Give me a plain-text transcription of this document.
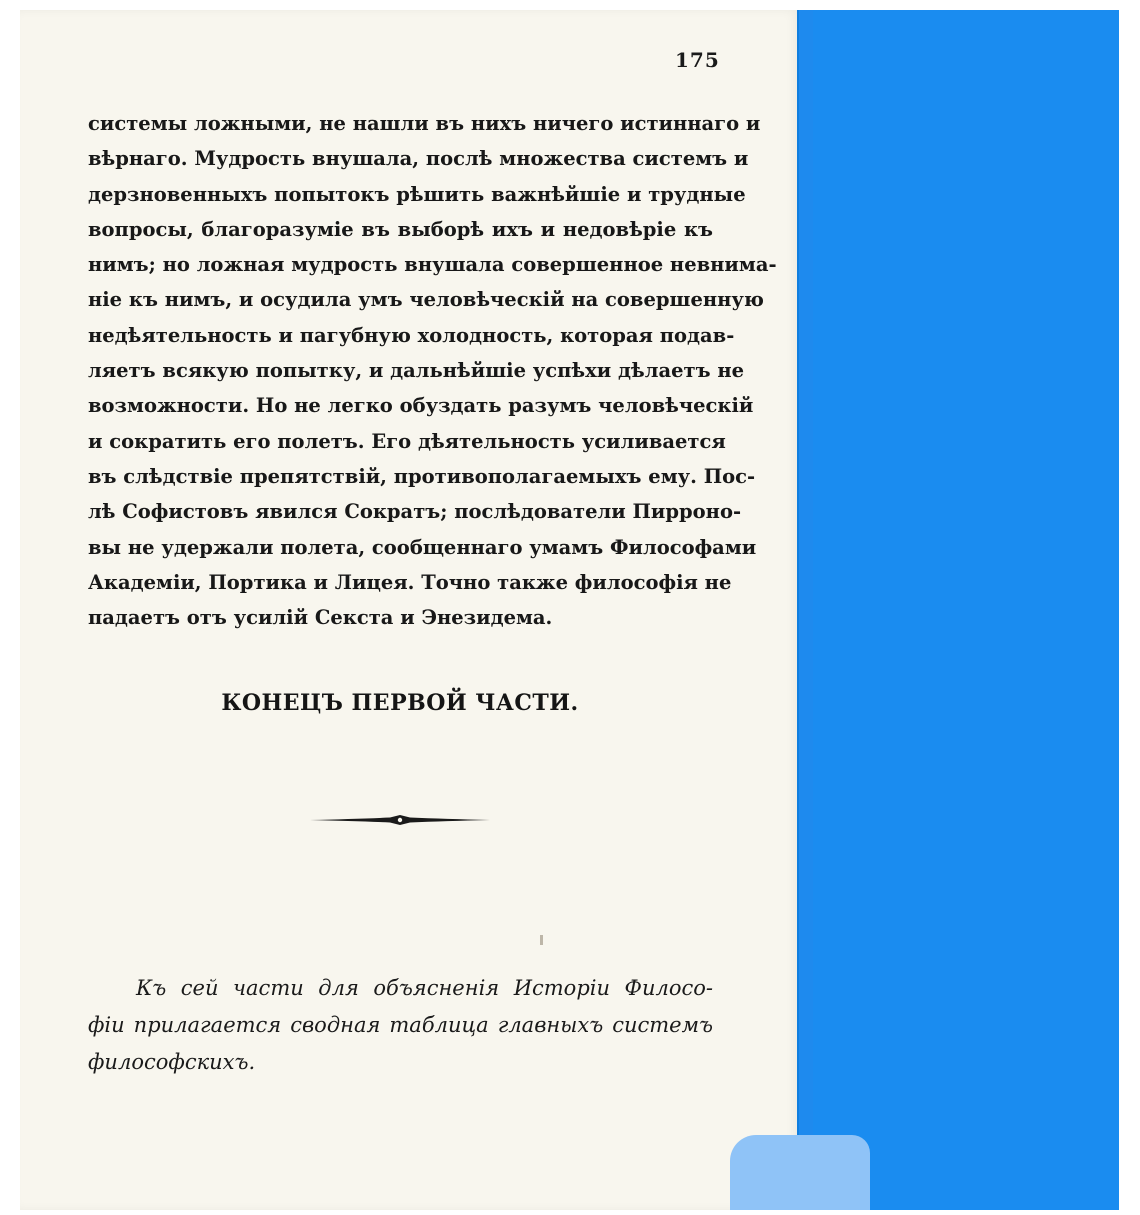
175
системы ложными, не нашли въ нихъ ничего истиннаго и
вѣрнаго. Мудрость внушала, послѣ множества системъ и
дерзновенныхъ попытокъ рѣшить важнѣйшіе и трудные
вопросы, благоразуміе въ выборѣ ихъ и недовѣріе къ
нимъ; но ложная мудрость внушала совершенное невнима-
ніе къ нимъ, и осудила умъ человѣческій на совершенную
недѣятельность и пагубную холодность, которая подав-
ляетъ всякую попытку, и дальнѣйшіе успѣхи дѣлаетъ не
возможности. Но не легко обуздать разумъ человѣческій
и сократить его полетъ. Его дѣятельность усиливается
въ слѣдствіе препятствій, противополагаемыхъ ему. Пос-
лѣ Софистовъ явился Сократъ; послѣдователи Пирроно-
вы не удержали полета, сообщеннаго умамъ Философами
Академіи, Портика и Лицея. Точно также философія не
падаетъ отъ усилій Секста и Энезидема.
КОНЕЦЪ ПЕРВОЙ ЧАСТИ.
Къ сей части для объясненія Исторіи Филосо-
фіи прилагается сводная таблица главныхъ системъ
философскихъ.
